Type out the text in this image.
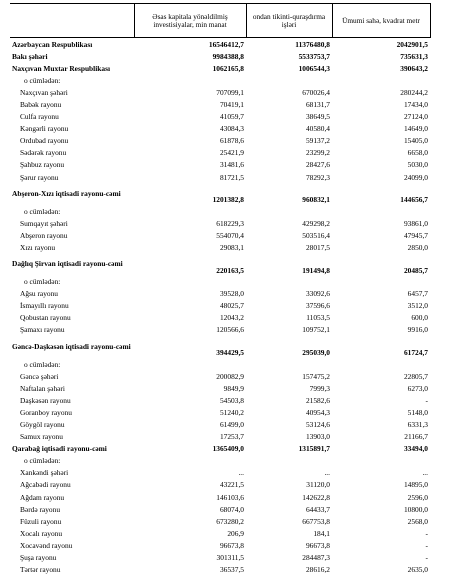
	Əsas kapitala yönəldilmiş investisiyalar, min manat	ondan tikinti-quraşdırma işləri	Ümumi sahə, kvadrat metr
Azərbaycan Respublikası	16546412,7	11376480,8	2042901,5
Bakı şəhəri	9984388,8	5533753,7	735631,3
Naxçıvan Muxtar Respublikası	1062165,8	1006544,3	390643,2
o cümlədən:			
Naxçıvan şəhəri	707099,1	670026,4	280244,2
Babək rayonu	70419,1	68131,7	17434,0
Culfa rayonu	41059,7	38649,5	27124,0
Kəngərli rayonu	43084,3	40580,4	14649,0
Ordubad rayonu	61878,6	59137,2	15405,0
Sədərək rayonu	25421,9	23299,2	6658,0
Şahbuz rayonu	31481,6	28427,6	5030,0
Şərur rayonu	81721,5	78292,3	24099,0
Abşeron-Xızı iqtisadi rayonu-cəmi	1201382,8	960832,1	144656,7
o cümlədən:			
Sumqayıt şəhəri	618229,3	429298,2	93861,0
Abşeron rayonu	554070,4	503516,4	47945,7
Xızı rayonu	29083,1	28017,5	2850,0
Dağlıq Şirvan iqtisadi rayonu-cəmi	220163,5	191494,8	20485,7
o cümlədən:			
Ağsu rayonu	39528,0	33092,6	6457,7
İsmayıllı rayonu	48025,7	37596,6	3512,0
Qobustan rayonu	12043,2	11053,5	600,0
Şamaxı rayonu	120566,6	109752,1	9916,0
Gəncə-Daşkəsən iqtisadi rayonu-cəmi	394429,5	295039,0	61724,7
o cümlədən:			
Gəncə şəhəri	200082,9	157475,2	22805,7
Naftalan şəhəri	9849,9	7999,3	6273,0
Daşkəsən rayonu	54503,8	21582,6	-
Goranboy rayonu	51240,2	40954,3	5148,0
Göygöl rayonu	61499,0	53124,6	6331,3
Samux rayonu	17253,7	13903,0	21166,7
Qarabağ iqtisadi rayonu-cəmi	1365409,0	1315891,7	33494,0
o cümlədən:			
Xankəndi şəhəri	...	...	...
Ağcabədi rayonu	43221,5	31120,0	14895,0
Ağdam rayonu	146103,6	142622,8	2596,0
Bərdə rayonu	68074,0	64433,7	10800,0
Füzuli rayonu	673280,2	667753,8	2568,0
Xocalı rayonu	206,9	184,1	-
Xocavənd rayonu	96673,8	96673,8	-
Şuşa rayonu	301311,5	284487,3	-
Tərtər rayonu	36537,5	28616,2	2635,0
